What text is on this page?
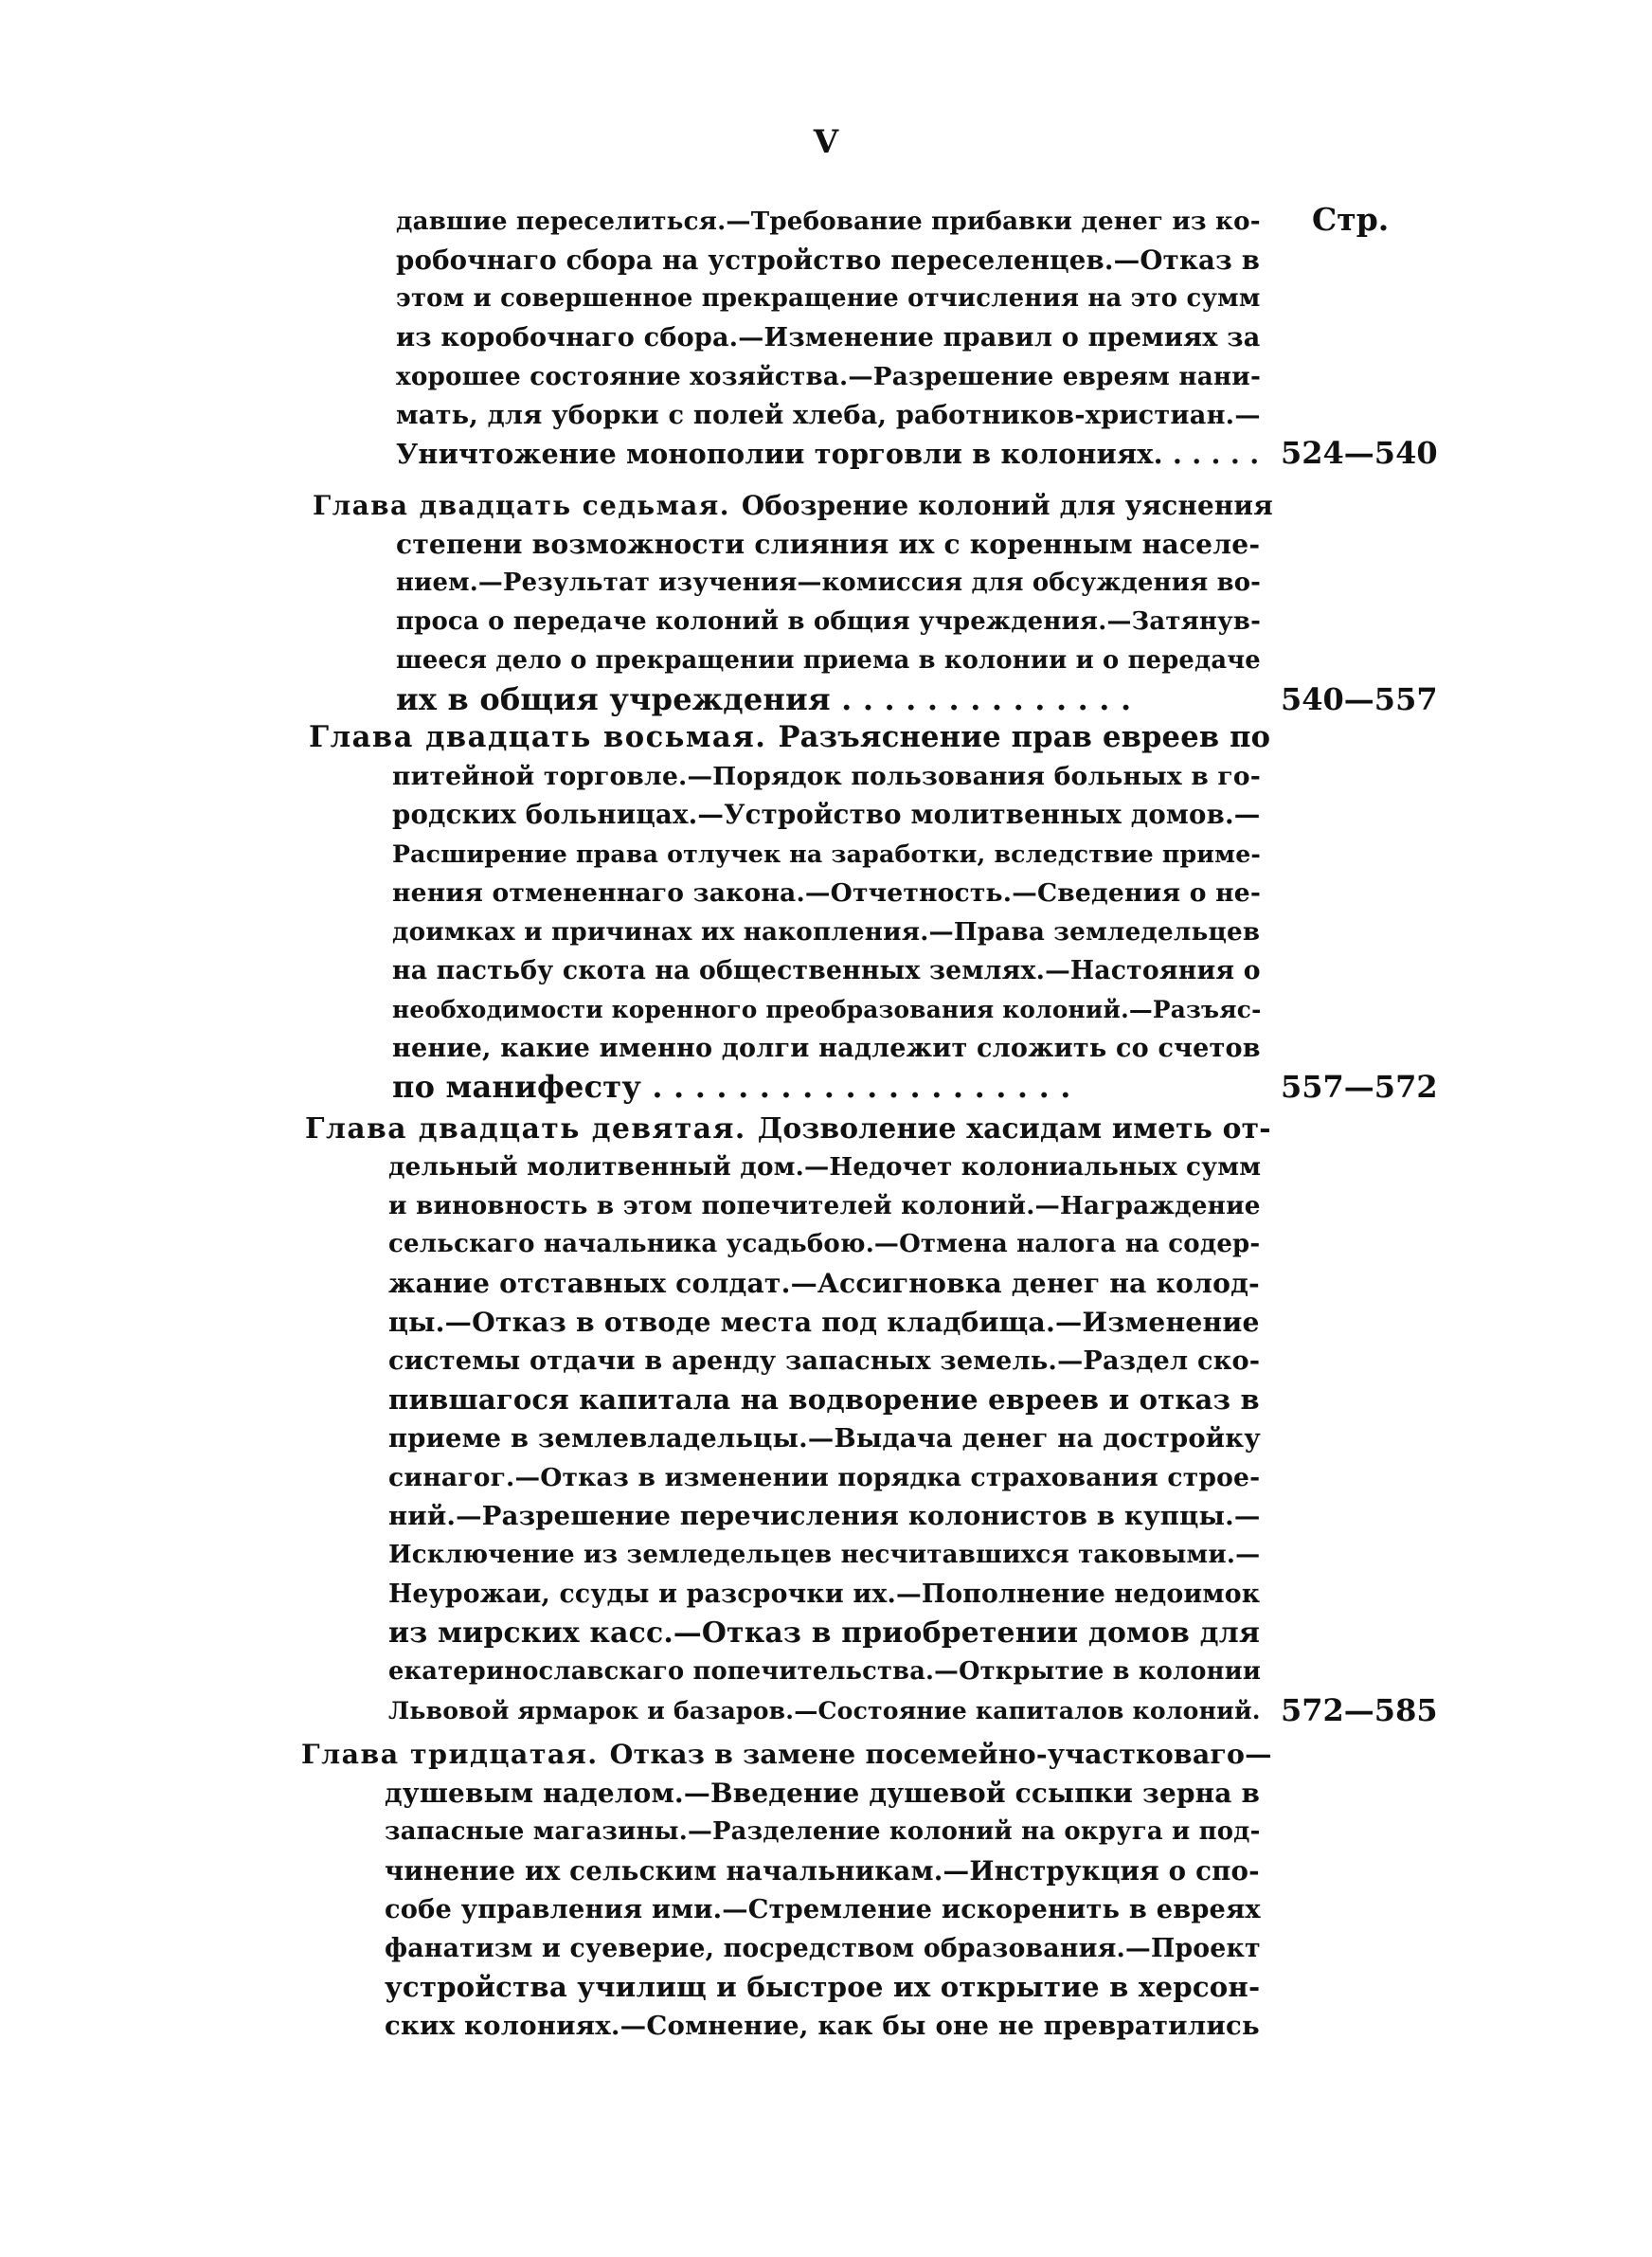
V
Стр.
давшие переселиться.—Требование прибавки денег из ко-
робочнаго сбора на устройство переселенцев.—Отказ в
этом и совершенное прекращение отчисления на это сумм
из коробочнаго сбора.—Изменение правил о премиях за
хорошее состояние хозяйства.—Разрешение евреям нани-
мать, для уборки с полей хлеба, работников-христиан.—
Уничтожение монополии торговли в колониях. . . . . . 524—540
Глава двадцать седьмая. Обозрение колоний для уяснения
степени возможности слияния их с коренным населе-
нием.—Результат изучения—комиссия для обсуждения во-
проса о передаче колоний в общия учреждения.—Затянув-
шееся дело о прекращении приема в колонии и о передаче
их в общия учреждения . . . . . . . . . . . . . .	540—557
Глава двадцать восьмая. Разъяснение прав евреев по
питейной торговле.—Порядок пользования больных в го-
родских больницах.—Устройство молитвенных домов.—
Расширение права отлучек на заработки, вследствие приме-
нения отмененнаго закона.—Отчетность.—Сведения о не-
доимках и причинах их накопления.—Права земледельцев
на пастьбу скота на общественных землях.—Настояния о
необходимости коренного преобразования колоний.—Разъяс-
нение, какие именно долги надлежит сложить со счетов
по манифесту . . . . . . . . . . . . . . . . . . . .	557—572
Глава двадцать девятая. Дозволение хасидам иметь от-
дельный молитвенный дом.—Недочет колониальных сумм
и виновность в этом попечителей колоний.—Награждение
сельскаго начальника усадьбою.—Отмена налога на содер-
жание отставных солдат.—Ассигновка денег на колод-
цы.—Отказ в отводе места под кладбища.—Изменение
системы отдачи в аренду запасных земель.—Раздел ско-
пившагося капитала на водворение евреев и отказ в
приеме в землевладельцы.—Выдача денег на достройку
синагог.—Отказ в изменении порядка страхования строе-
ний.—Разрешение перечисления колонистов в купцы.—
Исключение из земледельцев несчитавшихся таковыми.—
Неурожаи, ссуды и разсрочки их.—Пополнение недоимок
из мирских касс.—Отказ в приобретении домов для
екатеринославскаго попечительства.—Открытие в колонии
Львовой ярмарок и базаров.—Состояние капиталов колоний. 572—585
Глава тридцатая. Отказ в замене посемейно-участковаго—
душевым наделом.—Введение душевой ссыпки зерна в
запасные магазины.—Разделение колоний на округа и под-
чинение их сельским начальникам.—Инструкция о спо-
собе управления ими.—Стремление искоренить в евреях
фанатизм и суеверие, посредством образования.—Проект
устройства училищ и быстрое их открытие в херсон-
ских колониях.—Сомнение, как бы оне не превратились
